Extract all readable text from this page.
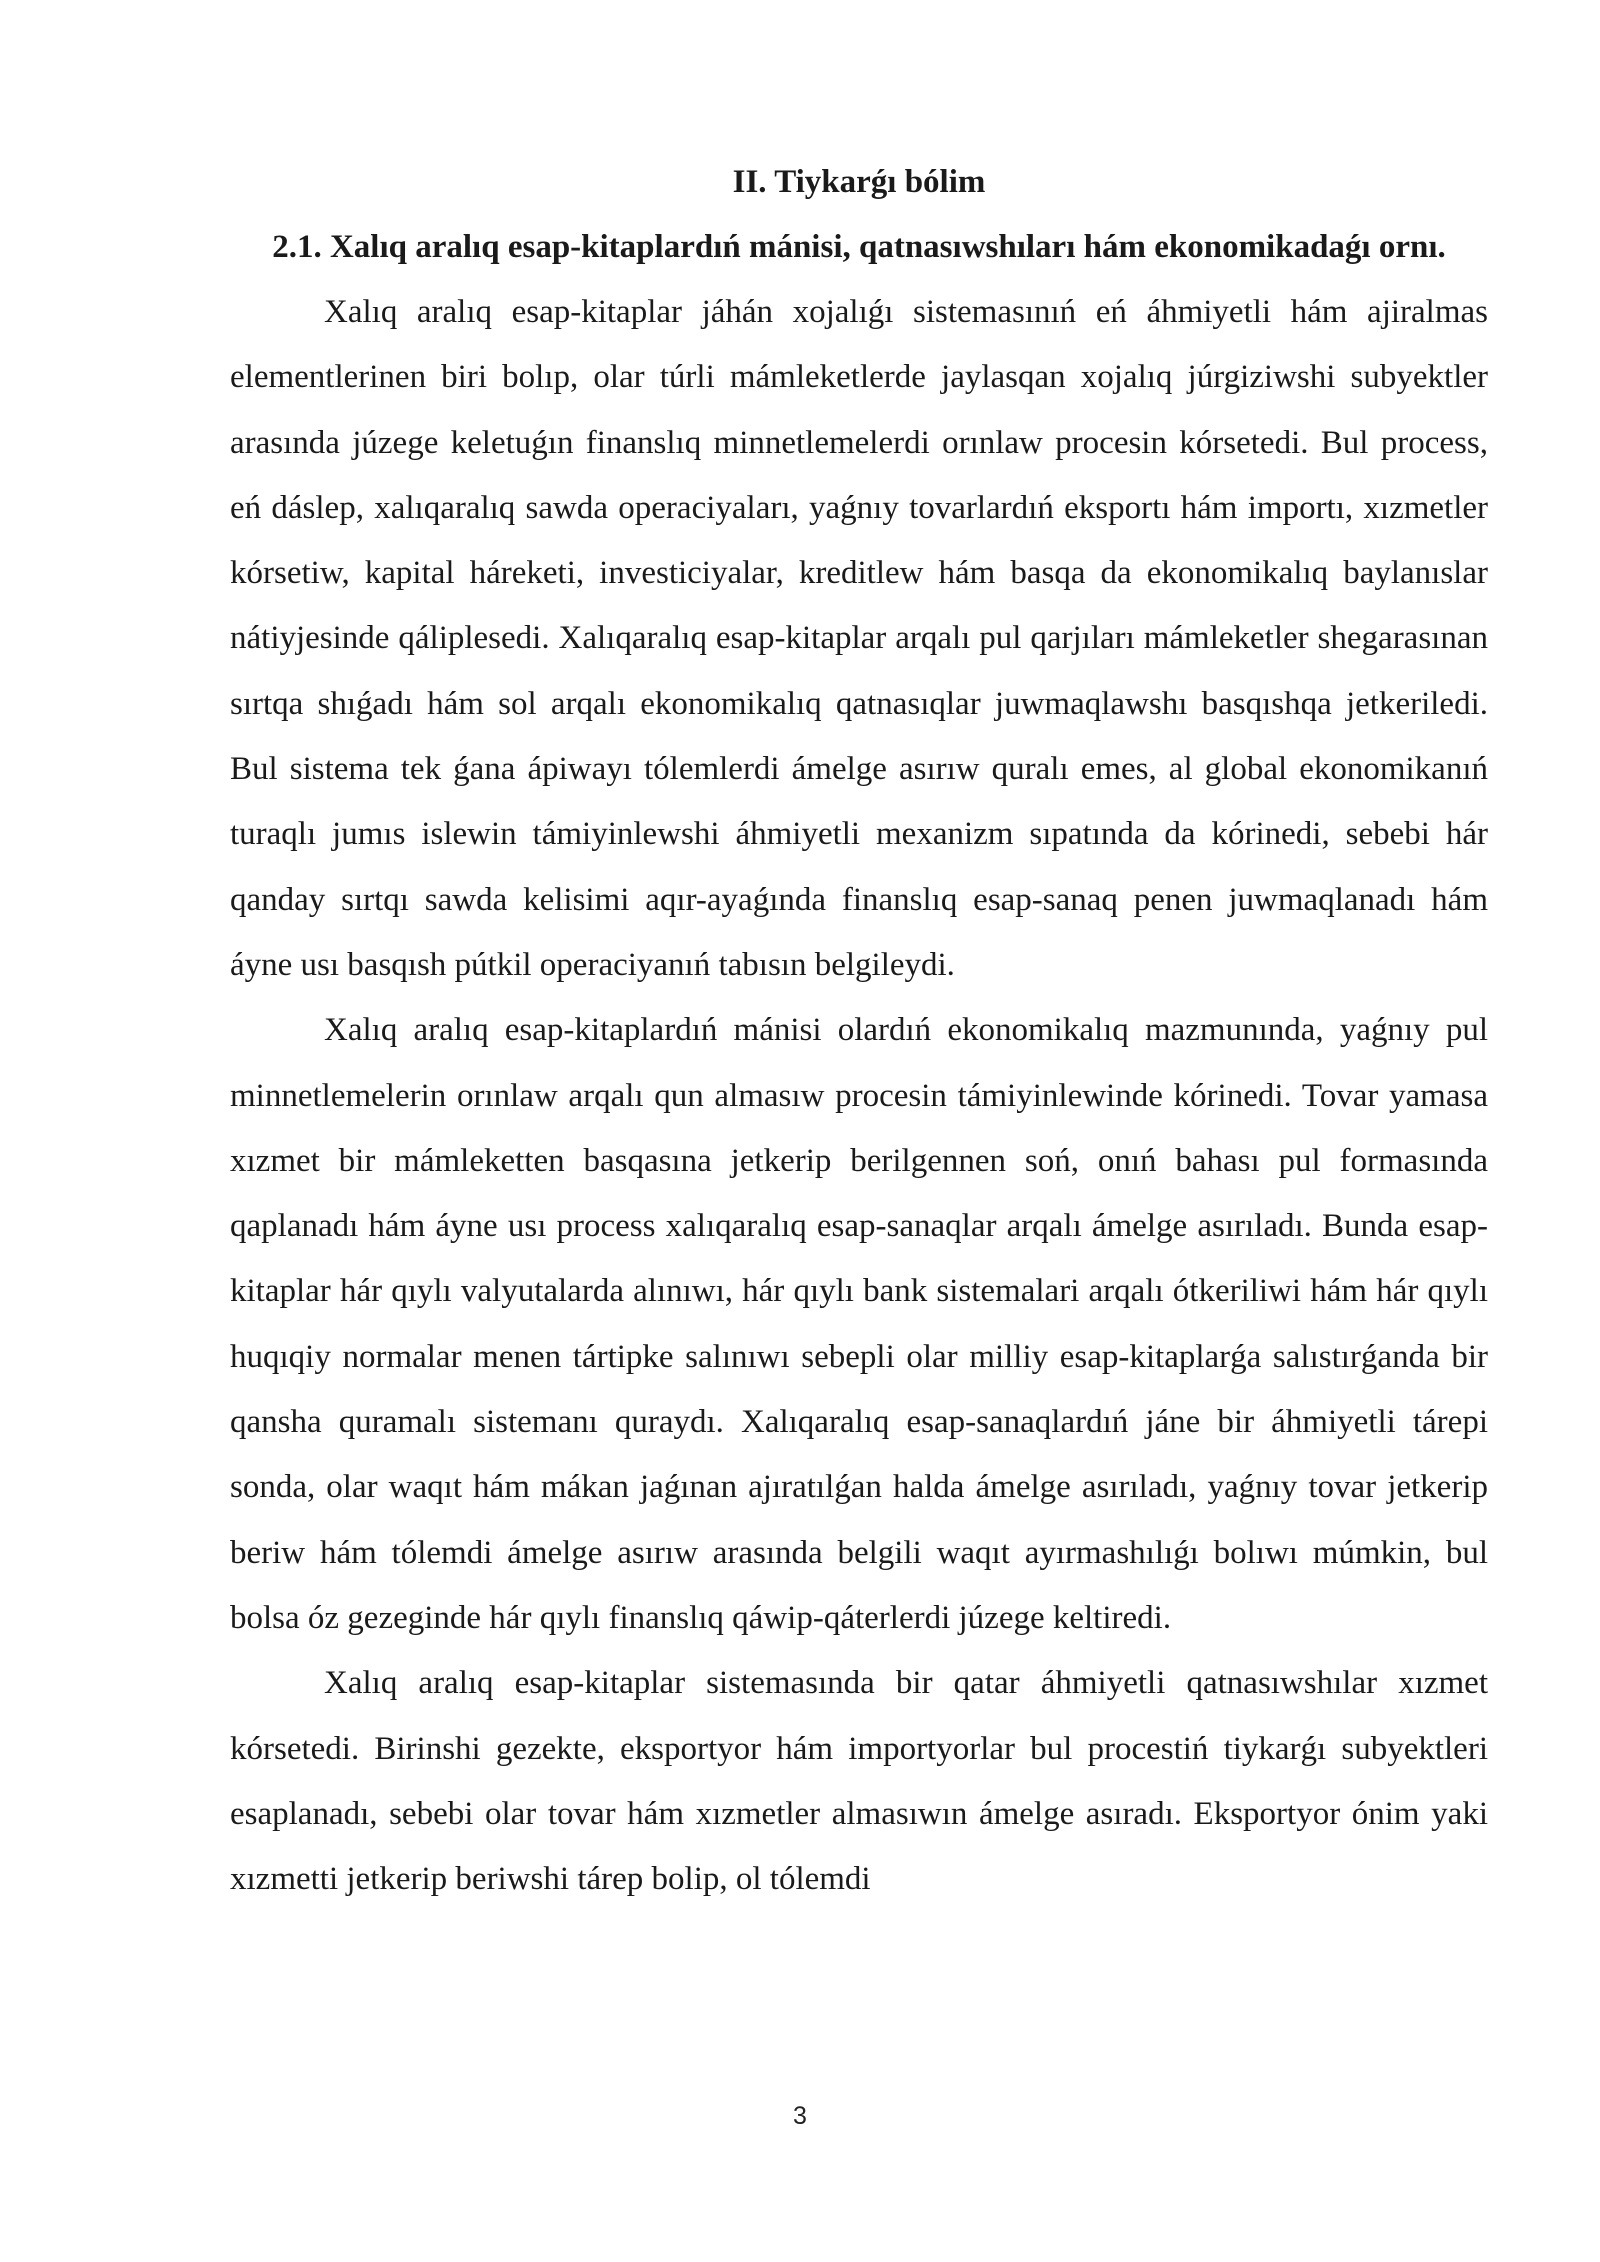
II. Tiykarǵı bólim
2.1. Xalıq aralıq esap-kitaplardıń mánisi, qatnasıwshıları hám ekonomikadaǵı ornı.

Xalıq aralıq esap-kitaplar jáhán xojalıǵı sistemasınıń eń áhmiyetli hám ajiralmas elementlerinen biri bolıp, olar túrli mámleketlerde jaylasqan xojalıq júrgiziwshi subyektler arasında júzege keletuǵın finanslıq minnetlemelerdi orınlaw procesin kórsetedi. Bul process, eń dáslep, xalıqaralıq sawda operaciyaları, yaǵnıy tovarlardıń eksportı hám importı, xızmetler kórsetiw, kapital háreketi, investiciyalar, kreditlew hám basqa da ekonomikalıq baylanıslar nátiyjesinde qáliplesedi. Xalıqaralıq esap-kitaplar arqalı pul qarjıları mámleketler shegarasınan sırtqa shıǵadı hám sol arqalı ekonomikalıq qatnasıqlar juwmaqlawshı basqıshqa jetkeriledi. Bul sistema tek ǵana ápiwayı tólemlerdi ámelge asırıw quralı emes, al global ekonomikanıń turaqlı jumıs islewin támiyinlewshi áhmiyetli mexanizm sıpatında da kórinedi, sebebi hár qanday sırtqı sawda kelisimi aqır-ayaǵında finanslıq esap-sanaq penen juwmaqlanadı hám áyne usı basqısh pútkil operaciyanıń tabısın belgileydi.

Xalıq aralıq esap-kitaplardıń mánisi olardıń ekonomikalıq mazmunında, yaǵnıy pul minnetlemelerin orınlaw arqalı qun almasıw procesin támiyinlewinde kórinedi. Tovar yamasa xızmet bir mámleketten basqasına jetkerip berilgennen soń, onıń bahası pul formasında qaplanadı hám áyne usı process xalıqaralıq esap-sanaqlar arqalı ámelge asırıladı. Bunda esap-kitaplar hár qıylı valyutalarda alınıwı, hár qıylı bank sistemalari arqalı ótkeriliwi hám hár qıylı huqıqiy normalar menen tártipke salınıwı sebepli olar milliy esap-kitaplarǵa salıstırǵanda bir qansha quramalı sistemanı quraydı. Xalıqaralıq esap-sanaqlardıń jáne bir áhmiyetli tárepi sonda, olar waqıt hám mákan jaǵınan ajıratılǵan halda ámelge asırıladı, yaǵnıy tovar jetkerip beriw hám tólemdi ámelge asırıw arasında belgili waqıt ayırmashılıǵı bolıwı múmkin, bul bolsa óz gezeginde hár qıylı finanslıq qáwip-qáterlerdi júzege keltiredi.

Xalıq aralıq esap-kitaplar sistemasında bir qatar áhmiyetli qatnasıwshılar xızmet kórsetedi. Birinshi gezekte, eksportyor hám importyorlar bul procestiń tiykarǵı subyektleri esaplanadı, sebebi olar tovar hám xızmetler almasıwın ámelge asıradı. Eksportyor ónim yaki xızmetti jetkerip beriwshi tárep bolip, ol tólemdi

3
